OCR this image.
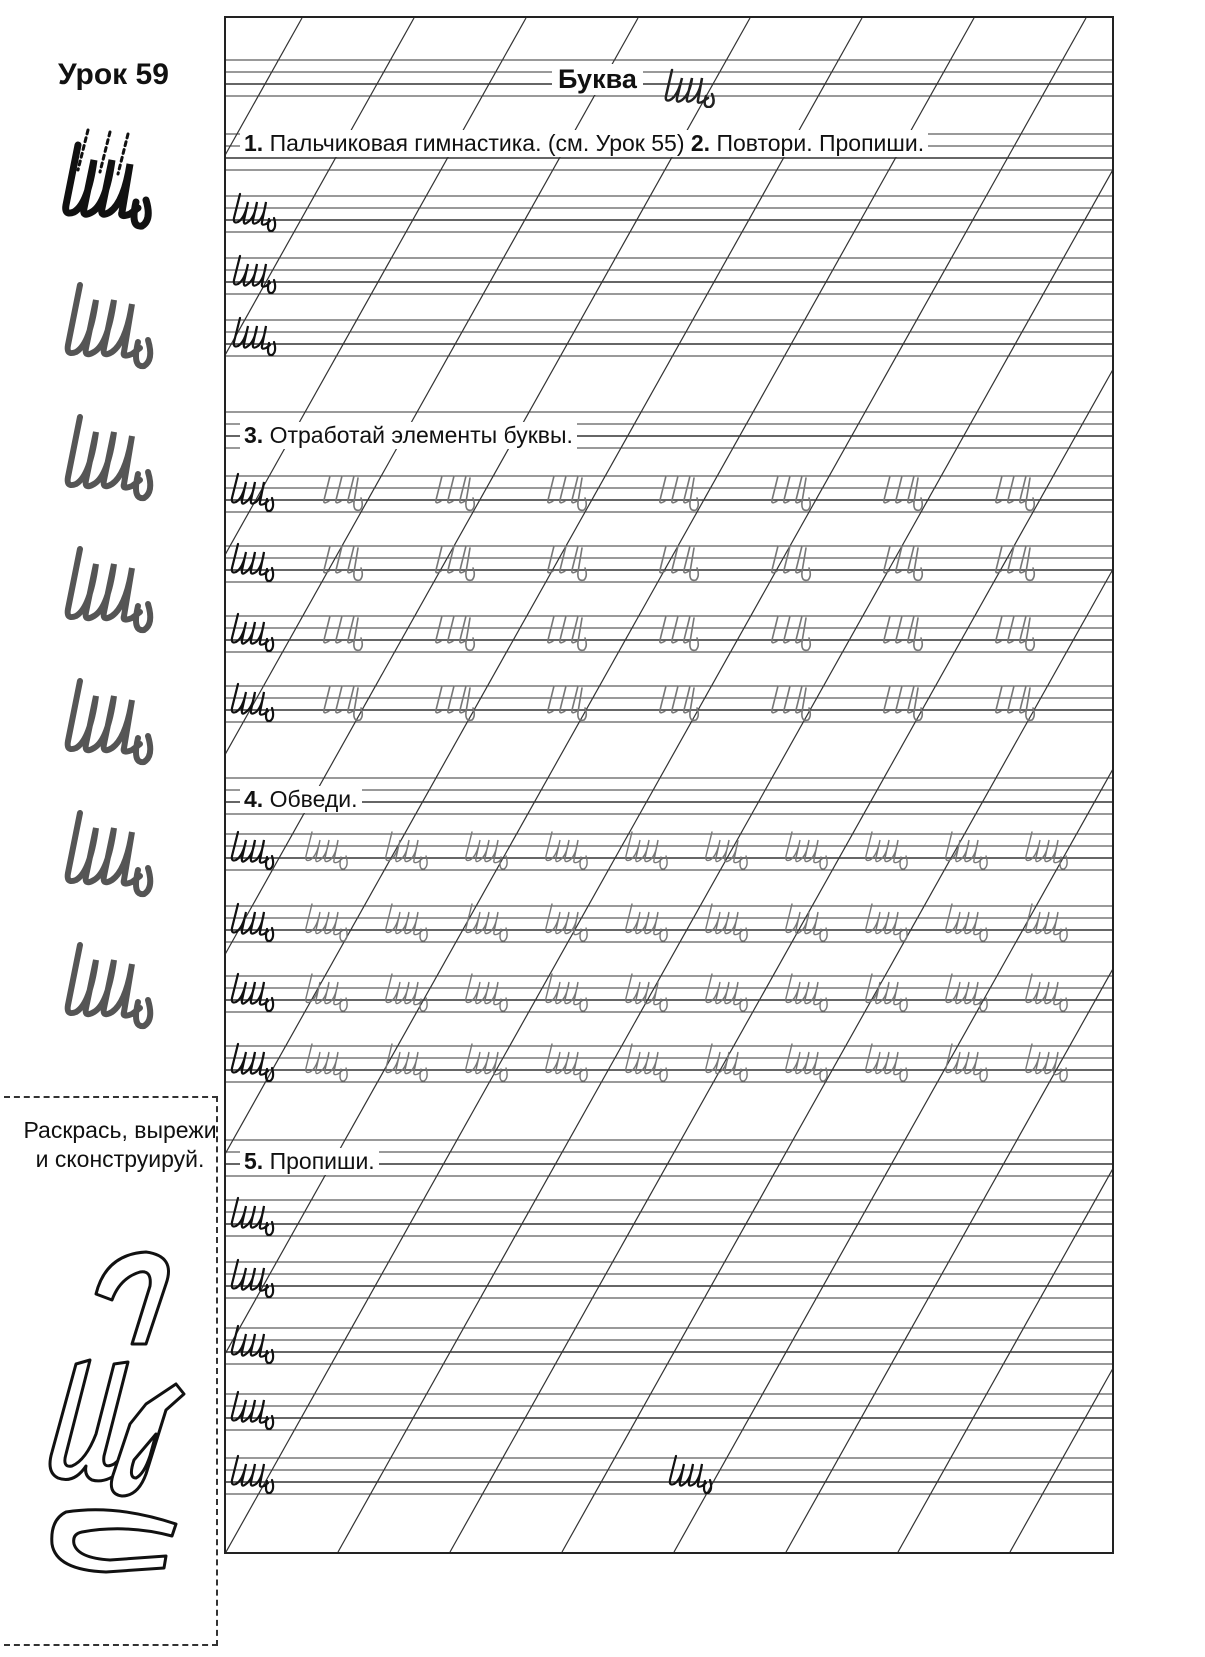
Урок 59
Раскрась, вырежи и сконструируй.
Буква
1. Пальчиковая гимнастика. (см. Урок 55) 2. Повтори. Пропиши.
3. Отработай элементы буквы.
4. Обведи.
5. Пропиши.
